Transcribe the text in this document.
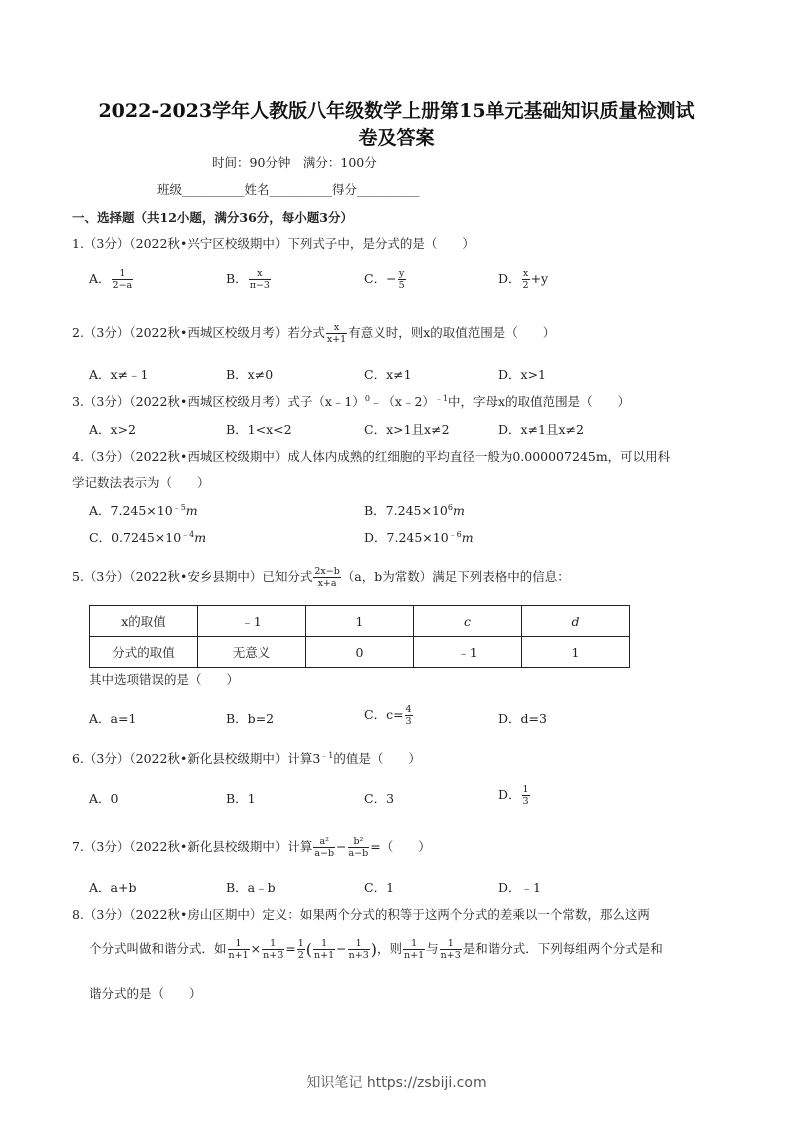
2022-2023学年人教版八年级数学上册第15单元基础知识质量检测试
卷及答案
时间：90分钟　满分：100分
班级__________姓名__________得分__________
一、选择题（共12小题，满分36分，每小题3分）
1.（3分）（2022秋•兴宁区校级期中）下列式子中，是分式的是（　　）
A． $\frac{1}{2-a}$	B． $\frac{x}{\pi-3}$	C．− $\frac{y}{5}$	D． $\frac{x}{2} +y$
2.（3分）（2022秋•西城区校级月考）若分式 $\frac{x}{x+1}$ 有意义时，则x的取值范围是（　　）
A．x≠﹣1	B．x≠0	C．x≠1	D．x>1
3.（3分）（2022秋•西城区校级月考）式子（x﹣1）$^0$﹣（x﹣2）$^{﹣1}$中，字母x的取值范围是（　　）
A．x>2	B．1<x<2	C．x>1且x≠2	D．x≠1且x≠2
4.（3分）（2022秋•西城区校级期中）成人体内成熟的红细胞的平均直径一般为0.000007245m，可以用科
学记数法表示为（　　）
A．$7.245\times 10^{﹣5}m$	B．$7.245\times 10^6m$
C．$0.7245\times 10^{﹣4}m$	D．$7.245\times 10^{﹣6}m$
5.（3分）（2022秋•安乡县期中）已知分式 $\frac{2x-b}{x+a} (a$，b为常数）满足下列表格中的信息：
x的取值	﹣1	1	c	d
分式的取值	无意义	0	﹣1	1
其中选项错误的是（　　）
A．a=1	B．b=2	C．$c= \frac{4}{3}$	D．d=3
6.（3分）（2022秋•新化县校级期中）计算$3^{﹣1}$的值是（　　）
A．0	B．1	C．3	D． $\frac{1}{3}$
7.（3分）（2022秋•新化县校级期中）计算 $\frac{\text{a²}}{a-b} - \frac{\text{b²}}{a-b}$ =（　　）
A．a+b	B．a﹣b	C．1	D．﹣1
8.（3分）（2022秋•房山区期中）定义：如果两个分式的积等于这两个分式的差乘以一个常数，那么这两
个分式叫做和谐分式．如 $\frac{1}{n+1} \times \frac{1}{n+3} = \frac{1}{2}$ ( $\frac{1}{n+1} - \frac{1}{n+3}$ )，则 $\frac{1}{n+1}$ 与 $\frac{1}{n+3}$ 是和谐分式．下列每组两个分式是和
谐分式的是（　　）
知识笔记 https://zsbiji.com
